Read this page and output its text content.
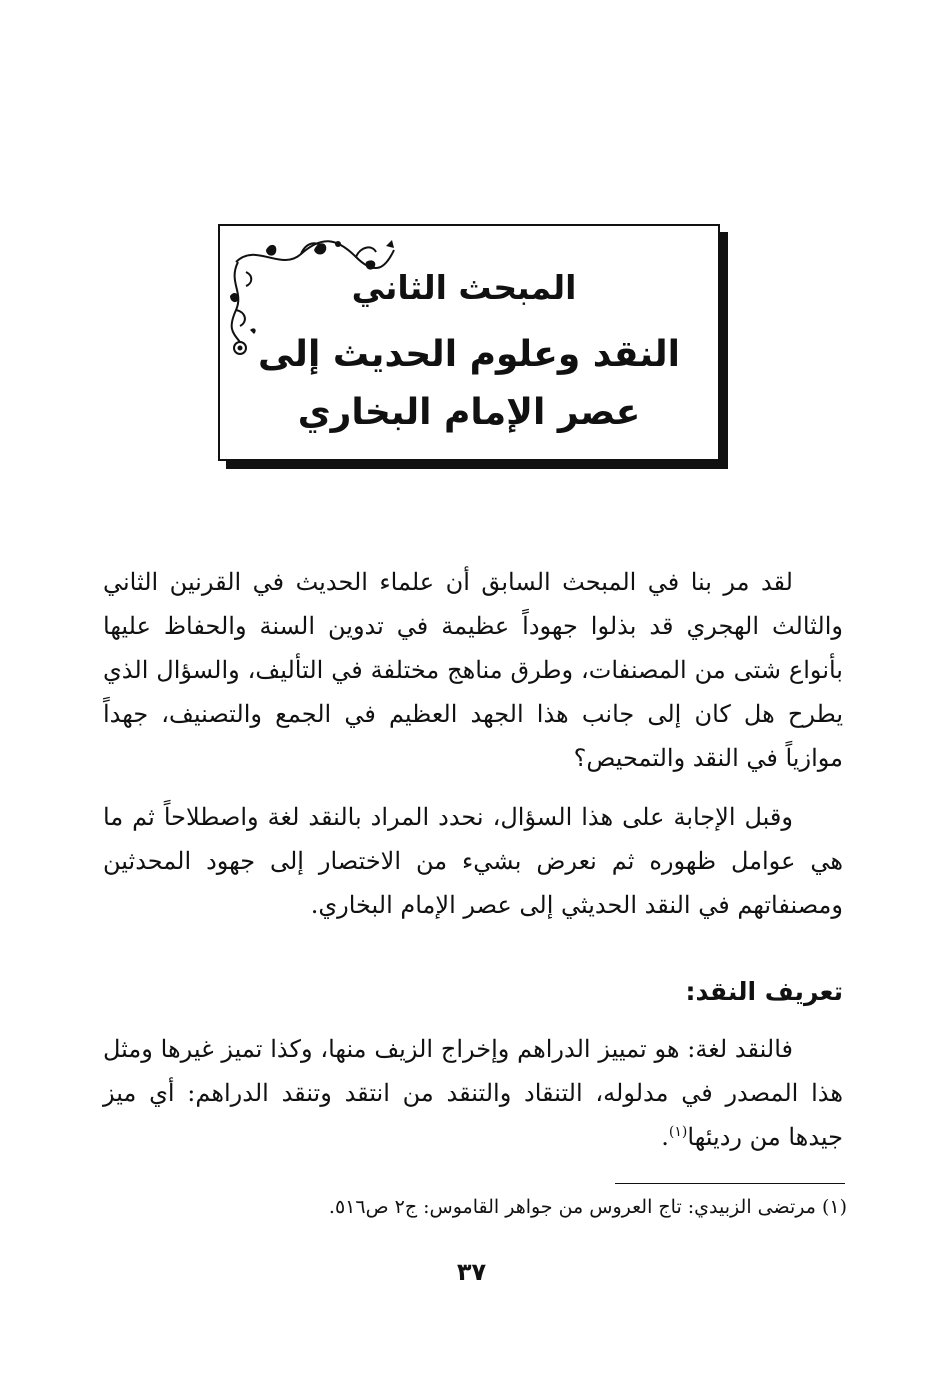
المبحث الثاني
النقد وعلوم الحديث إلى
عصر الإمام البخاري

لقد مر بنا في المبحث السابق أن علماء الحديث في القرنين الثاني والثالث الهجري قد بذلوا جهوداً عظيمة في تدوين السنة والحفاظ عليها بأنواع شتى من المصنفات، وطرق مناهج مختلفة في التأليف، والسؤال الذي يطرح هل كان إلى جانب هذا الجهد العظيم في الجمع والتصنيف، جهداً موازياً في النقد والتمحيص؟

وقبل الإجابة على هذا السؤال، نحدد المراد بالنقد لغة واصطلاحاً ثم ما هي عوامل ظهوره ثم نعرض بشيء من الاختصار إلى جهود المحدثين ومصنفاتهم في النقد الحديثي إلى عصر الإمام البخاري.

تعريف النقد:

فالنقد لغة: هو تمييز الدراهم وإخراج الزيف منها، وكذا تميز غيرها ومثل هذا المصدر في مدلوله، التنقاد والتنقد من انتقد وتنقد الدراهم: أي ميز جيدها من رديئها$^{(١)}$.

(١) مرتضى الزبيدي: تاج العروس من جواهر القاموس: ج٢ ص٥١٦.
٣٧
